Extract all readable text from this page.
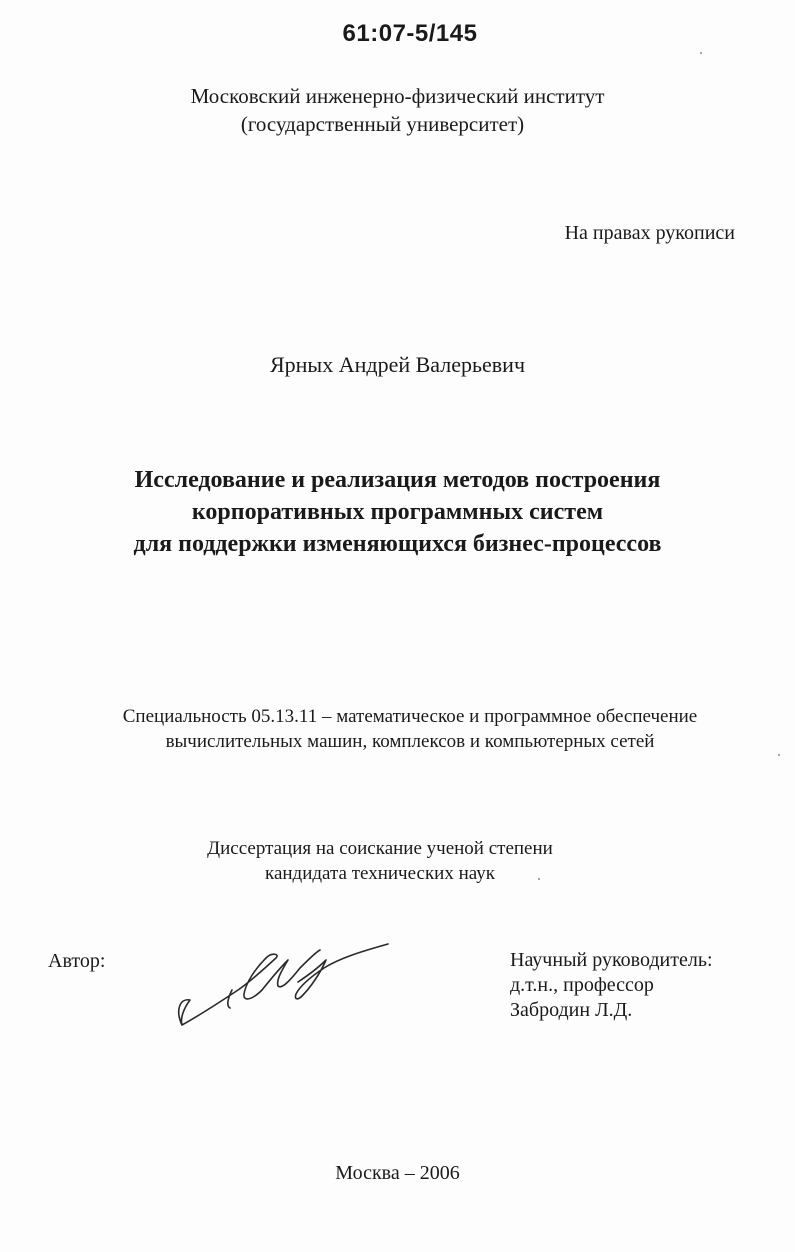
61:07-5/145
Московский инженерно-физический институт

(государственный университет)
На правах рукописи
Ярных Андрей Валерьевич
Исследование и реализация методов построения
корпоративных программных систем
для поддержки изменяющихся бизнес-процессов
Специальность 05.13.11 – математическое и программное обеспечение
вычислительных машин, комплексов и компьютерных сетей
Диссертация на соискание ученой степени
кандидата технических наук
Автор:	Научный руководитель:
д.т.н., профессор
Забродин Л.Д.
Москва – 2006
